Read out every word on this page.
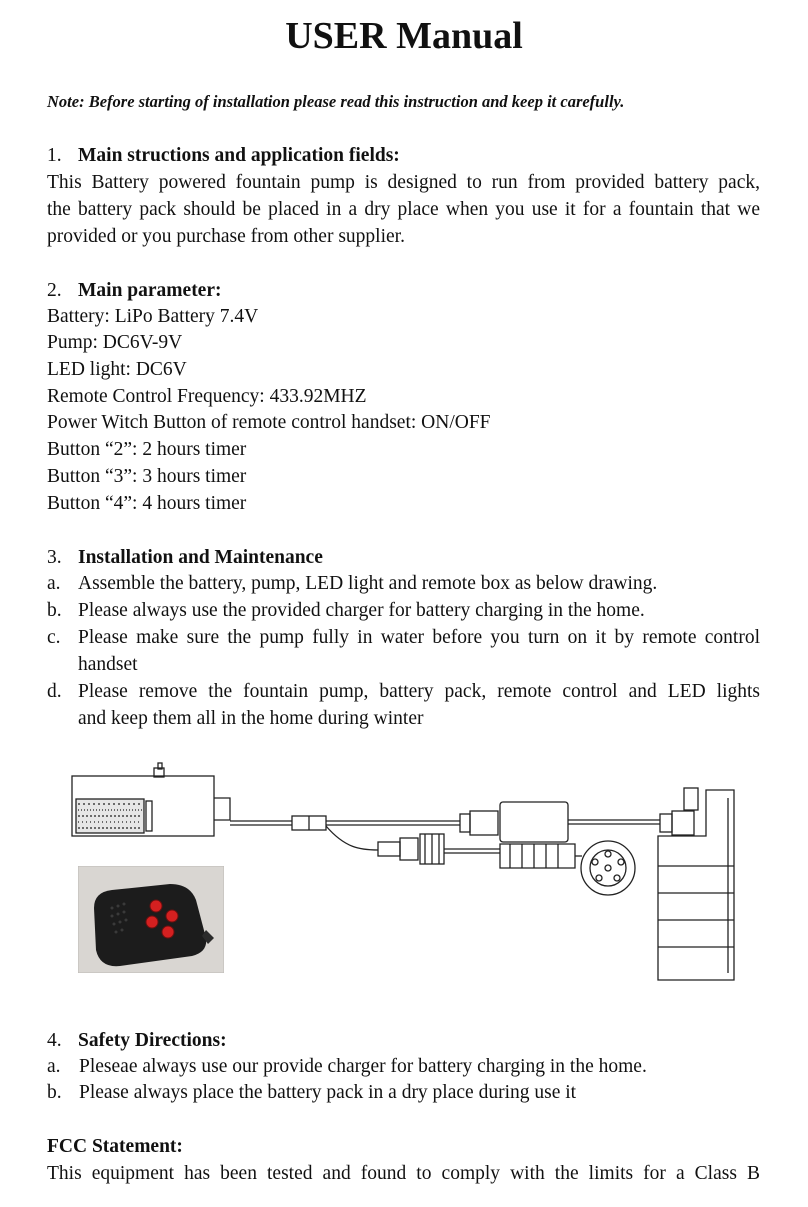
USER Manual
Note: Before starting of installation please read this instruction and keep it carefully.
1. Main structions and application fields:
This Battery powered fountain pump is designed to run from provided battery pack,
the battery pack should be placed in a dry place when you use it for a fountain that we
provided or you purchase from other supplier.
2. Main parameter:
Battery: LiPo Battery 7.4V
Pump: DC6V-9V
LED light: DC6V
Remote Control Frequency: 433.92MHZ
Power Witch Button of remote control handset: ON/OFF
Button “2”: 2 hours timer
Button “3”: 3 hours timer
Button “4”: 4 hours timer
3. Installation and Maintenance
a. Assemble the battery, pump, LED light and remote box as below drawing.
b. Please always use the provided charger for battery charging in the home.
c. Please make sure the pump fully in water before you turn on it by remote control
handset
d. Please remove the fountain pump, battery pack, remote control and LED lights
and keep them all in the home during winter
4. Safety Directions:
a. Pleseae always use our provide charger for battery charging in the home.
b. Please always place the battery pack in a dry place during use it
FCC Statement:
This equipment has been tested and found to comply with the limits for a Class B
